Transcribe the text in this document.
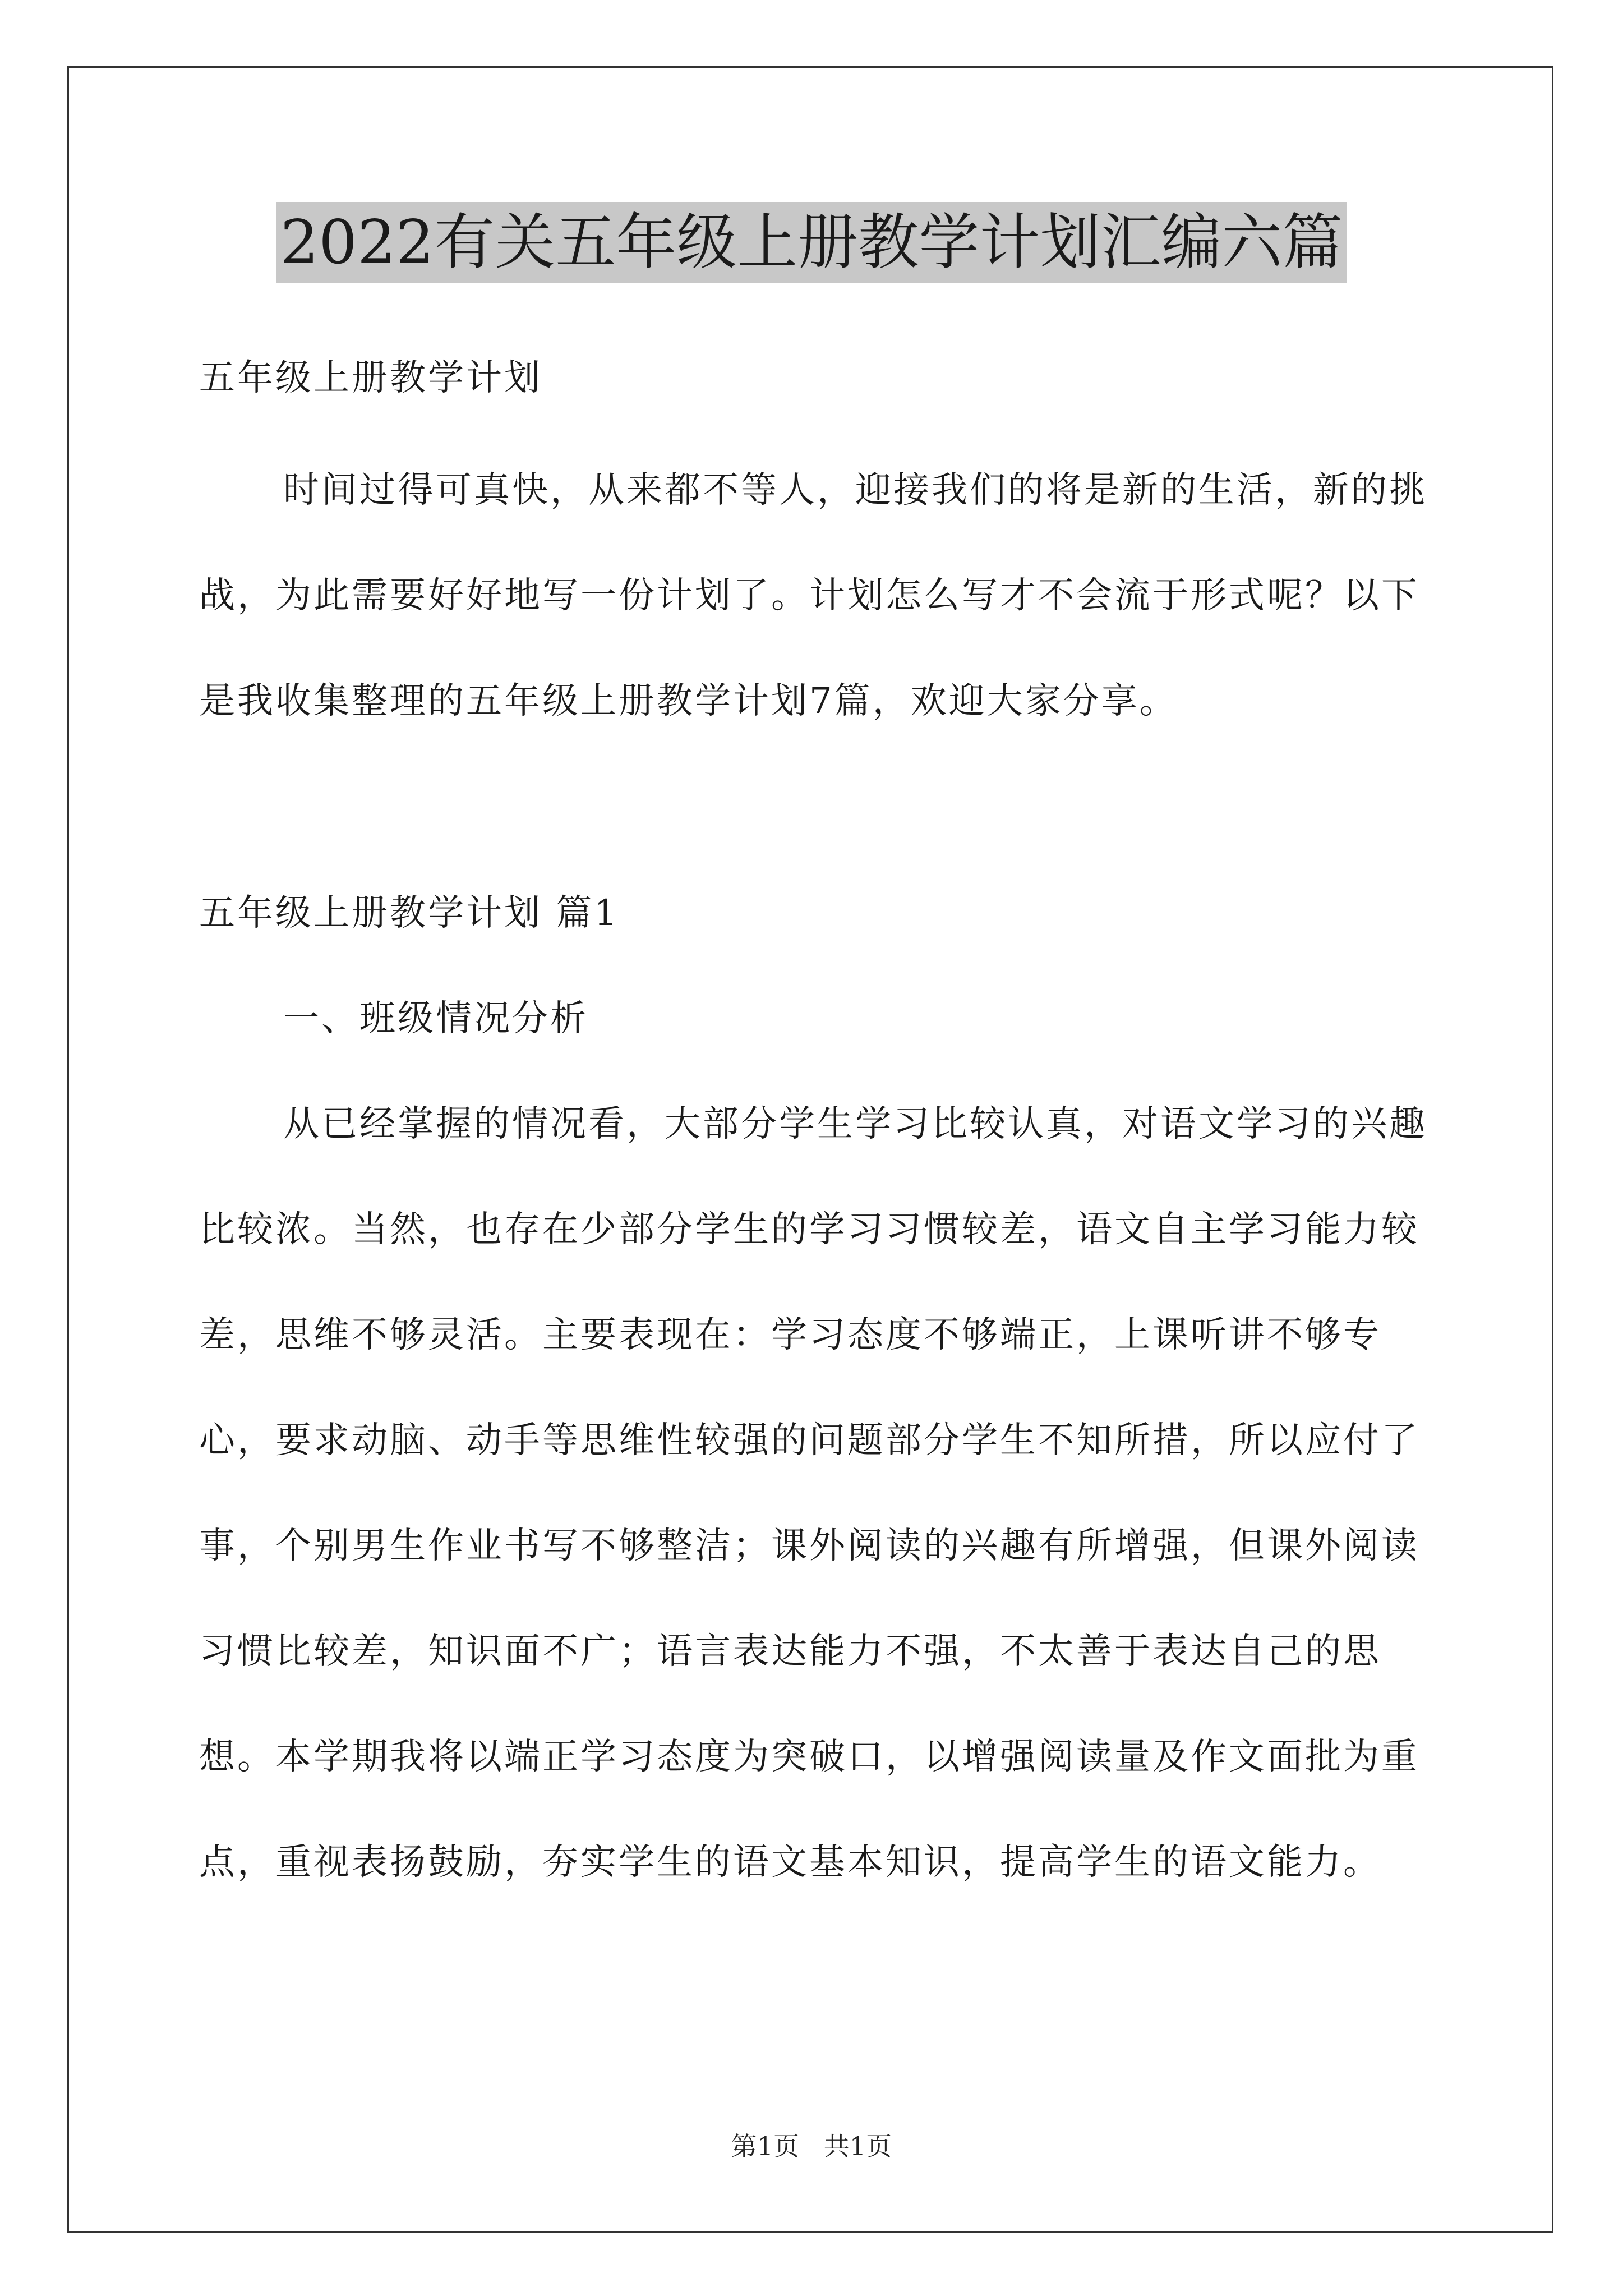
2022有关五年级上册教学计划汇编六篇

五年级上册教学计划

时间过得可真快，从来都不等人，迎接我们的将是新的生活，新的挑战，为此需要好好地写一份计划了。计划怎么写才不会流于形式呢？以下是我收集整理的五年级上册教学计划7篇，欢迎大家分享。

五年级上册教学计划 篇1

一、班级情况分析

从已经掌握的情况看，大部分学生学习比较认真，对语文学习的兴趣比较浓。当然，也存在少部分学生的学习习惯较差，语文自主学习能力较差，思维不够灵活。主要表现在：学习态度不够端正，上课听讲不够专心，要求动脑、动手等思维性较强的问题部分学生不知所措，所以应付了事，个别男生作业书写不够整洁；课外阅读的兴趣有所增强，但课外阅读习惯比较差，知识面不广；语言表达能力不强，不太善于表达自己的思想。本学期我将以端正学习态度为突破口，以增强阅读量及作文面批为重点，重视表扬鼓励，夯实学生的语文基本知识，提高学生的语文能力。

第1页   共1页
